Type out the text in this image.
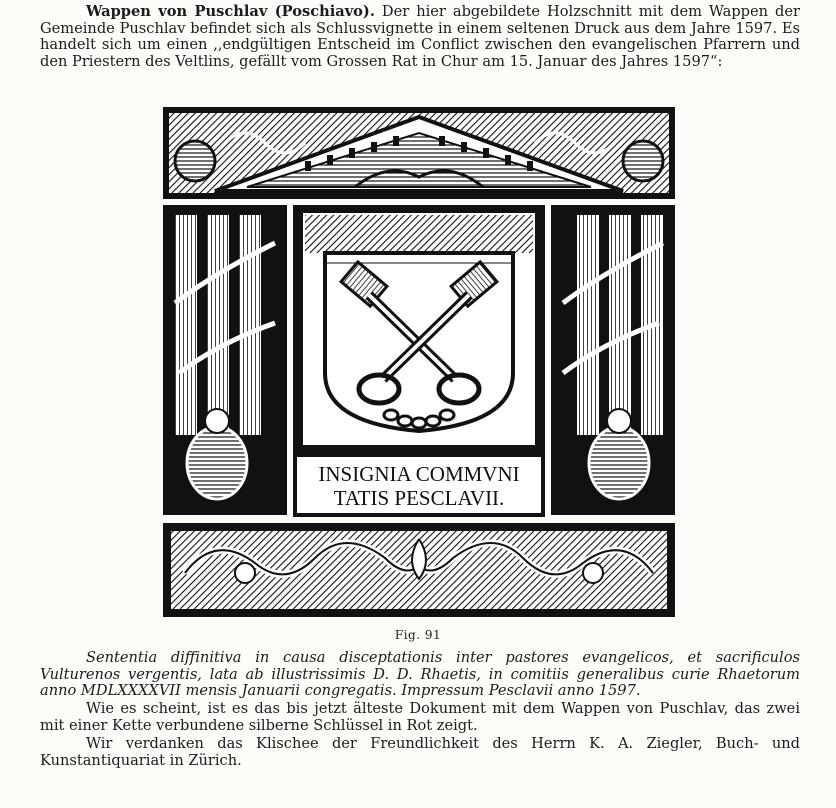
Wappen von Puschlav (Poschiavo). Der hier abgebildete Holzschnitt mit dem Wappen der Gemeinde Puschlav befindet sich als Schlussvignette in einem seltenen Druck aus dem Jahre 1597. Es handelt sich um einen ,,endgültigen Entscheid im Conflict zwischen den evangelischen Pfarrern und den Priestern des Veltlins, gefällt vom Grossen Rat in Chur am 15. Januar des Jahres 1597“:

INSIGNIA COMMVNI
TATIS PESCLAVII.
Fig. 91

Sententia diffinitiva in causa disceptationis inter pastores evangelicos, et sacrificulos Vulturenos vergentis, lata ab illustrissimis D. D. Rhaetis, in comitiis generalibus curie Rhaetorum anno MDLXXXXVII mensis Januarii congregatis. Impressum Pesclavii anno 1597.

Wie es scheint, ist es das bis jetzt älteste Dokument mit dem Wappen von Puschlav, das zwei mit einer Kette verbundene silberne Schlüssel in Rot zeigt.

Wir verdanken das Klischee der Freundlichkeit des Herrn K. A. Ziegler, Buch- und Kunstantiquariat in Zürich.
